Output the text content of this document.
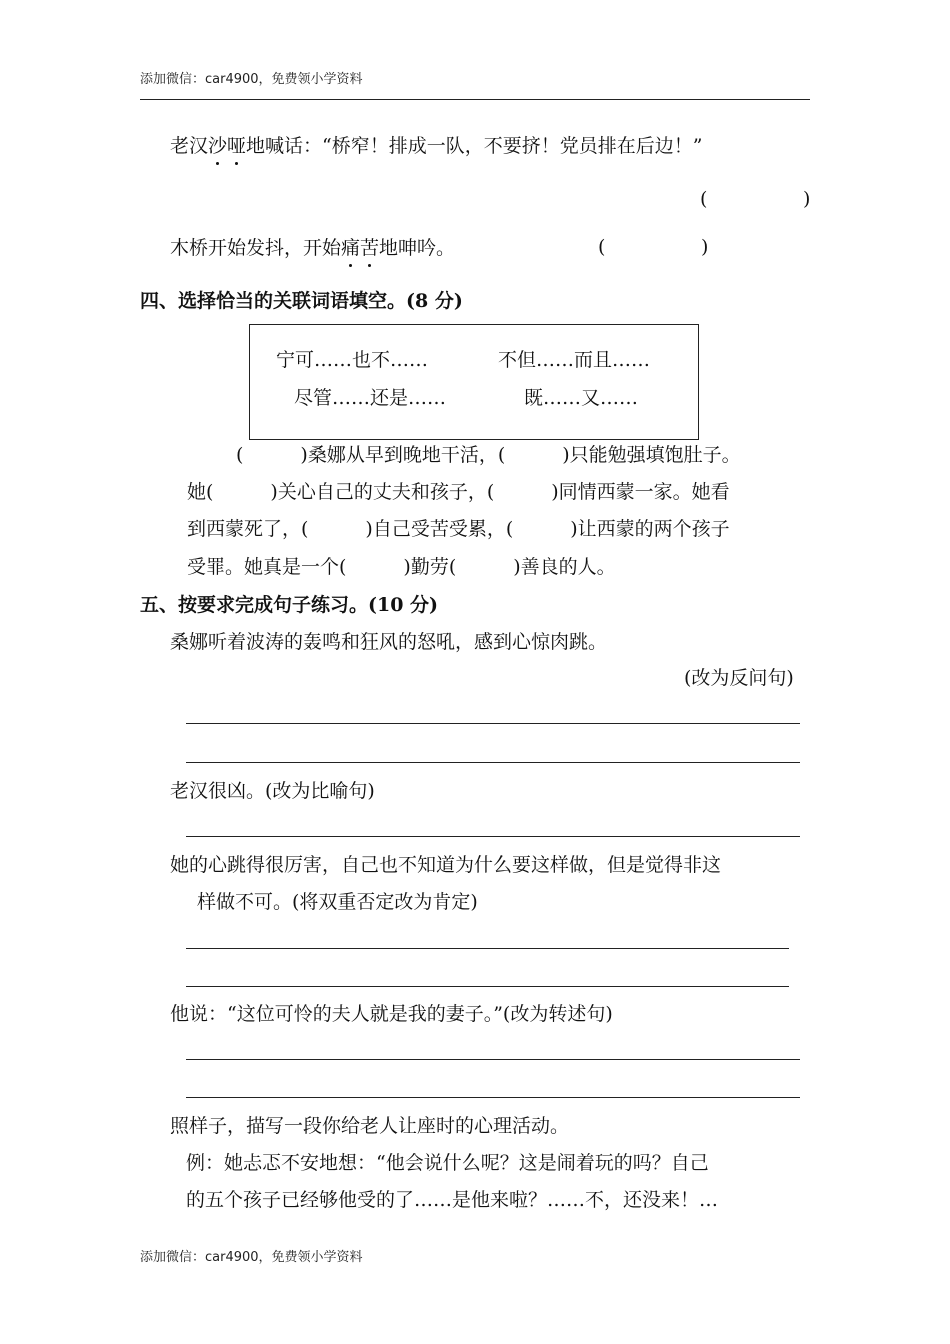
添加微信：car4900，免费领小学资料
老汉沙哑地喊话：“桥窄！排成一队，不要挤！党员排在后边！”
(	)
木桥开始发抖，开始痛苦地呻吟。	(	)
四、选择恰当的关联词语填空。(8 分)
宁可……也不……	不但……而且……
尽管……还是……	既……又……
(　　　)桑娜从早到晚地干活，(　　　)只能勉强填饱肚子。
她(　　　)关心自己的丈夫和孩子，(　　　)同情西蒙一家。她看
到西蒙死了，(　　　)自己受苦受累，(　　　)让西蒙的两个孩子
受罪。她真是一个(　　　)勤劳(　　　)善良的人。
五、按要求完成句子练习。(10 分)
桑娜听着波涛的轰鸣和狂风的怒吼，感到心惊肉跳。
(改为反问句)
老汉很凶。(改为比喻句)
她的心跳得很厉害，自己也不知道为什么要这样做，但是觉得非这
样做不可。(将双重否定改为肯定)
他说：“这位可怜的夫人就是我的妻子。”(改为转述句)
照样子，描写一段你给老人让座时的心理活动。
例：她忐忑不安地想：“他会说什么呢？这是闹着玩的吗？自己
的五个孩子已经够他受的了……是他来啦？……不，还没来！…
添加微信：car4900，免费领小学资料
